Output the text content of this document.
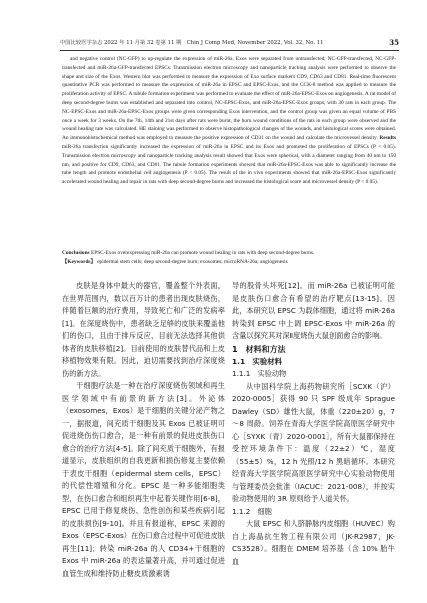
中国比较医学杂志 2022 年 11 月第 32 卷第 11 期　Chin J Comp Med, November 2022, Vol. 32, No. 11	35
and negative control (NC-GFP) to up-regulate the expression of miR-26a. Exos were separated from untransfected, NC-GFP-transfected, NC-GFP-transfected and miR-26a-GFP-transfected EPSCs. Transmission electron microscopy and nanoparticle tracking analysis were performed to observe the shape and size of the Exos. Western blot was performed to measure the expression of Exo surface markers CD9, CD63 and CD81. Real-time fluorescent quantitative PCR was performed to measure the expression of miR-26a in EPSC and EPSC-Exos, and the CCK-8 method was applied to measure the proliferation activity of EPSC. A tubule formation experiment was performed to evaluate the effect of miR-26a-EPSC-Exos on angiogenesis. A rat model of deep second-degree burns was established and separated into control, NC-EPSC-Exos, and miR-26a-EPSC-Exos groups, with 30 rats in each group. The NC-EPSC-Exos and miR-26a-EPSC-Exos groups were given corresponding Exos intervention, and the control group was given an equal volume of PBS once a week for 3 weeks. On the 7th, 14th and 21st days after rats were burnt, the burn wound conditions of the rats in each group were observed and the wound healing rate was calculated. HE staining was performed to observe histopathological changes of the wounds, and histological scores were obtained. An immunohistochemical method was employed to measure the positive expression of CD31 on the wound and calculate the microvessel density. Results miR-26a transfection significantly increased the expression of miR-26a in EPSC and its Exos and promoted the proliferation of EPSCs (P < 0.05). Transmission electron microscopy and nanoparticle tracking analysis result showed that Exos were spherical, with a diameter ranging from 40 nm to 150 nm, and positive for CD9, CD63, and CD81. The tubule formation experiments showed that miR-26a-EPSC-Exos was able to significantly increase the tube length and promote endothelial cell angiogenesis (P < 0.05). The result of the in vivo experiments showed that miR-26a-EPSC-Exos significantly accelerated wound healing and repair in rats with deep second-degree burns and increased the histological score and microvessel density (P < 0.05).
Conclusions EPSC-Exos overexpressing miR-26a can promote wound healing in rats with deep second-degree burns.
【Keywords】 epidermal stem cells; deep second-degree burn; exosomes; microRNA-26a; angiogenesis

皮肤是身体中最大的器官，覆盖整个外表面，在世界范围内，数以百万计的患者出现皮肤烧伤，伴随着巨额的治疗费用，导致死亡和广泛的发病率[1]。在深度烧伤中，患者缺乏足够的皮肤来覆盖他们的伤口，且由于排斥反应，目前无法选择其他供体者的皮肤移植[2]。目前使用的皮肤替代品和上皮移植物效果有限。因此，迫切需要找到治疗深度烧伤的新方法。

干细胞疗法是一种在治疗深度烧伤领域和再生医学领域中有前景的新方法[3]。外泌体（exosomes，Exos）是干细胞的关键分泌产物之一，据报道，间充质干细胞及其 Exos 已被证明可促进烧伤伤口愈合，是一种有前景的促进皮肤伤口愈合的治疗方法[4-5]。除了间充质干细胞外，有报道显示，皮肤组织的自我更新和损伤修复主要依赖于表皮干细胞（epidermal stem cells，EPSC）的代偿性增殖和分化。EPSC 是一种多能细胞类型，在伤口愈合和组织再生中起着关键作用[6-8]，EPSC 已用于修复烧伤、急性创伤和某些疾病引起的皮肤损伤[9-10]。并且有报道称，EPSC 来源的 Exos（EPSC-Exos）在伤口愈合过程中可促进皮肤再生[11]；转染 miR-26a 的人 CD34+干细胞的 Exos 中 miR-26a 的表达量著升高，并可通过促进血管生成和维持防止糖皮质激素诱

导的股骨头坏死[12]。而 miR-26a 已被证明可能是皮肤伤口愈合有希望的治疗靶点[13-15]。因此，本研究以 EPSC 为载体细胞，通过将 miR-26a 转染到 EPSC 中上调 EPSC-Exos 中 miR-26a 的含量以探究其对深Ⅱ度烧伤大鼠创面愈合的影响。

1　材料和方法
1.1　实验材料
1.1.1　实验动物

从中国科学院上海药物研究所［SCXK（沪）2020-0005］获得 90 只 SPF 级成年 Sprague Dawley（SD）雄性大鼠，体重（220±20）g，7～8 周龄。饲养在青海大学医学院高原医学研究中心［SYXK（青）2020-0001］，所有大鼠都保持在受控环境条件下：温度（22±2）℃，湿度（55±5）%，12 h 光照/12 h 黑暗循环。本研究经青海大学医学院高原医学研究中心实验动物使用与管理委员会批准（IACUC：2021-008），并按实验动物使用的 3R 原则给予人道关怀。

1.1.2　细胞

大鼠 EPSC 和人脐静脉内皮细胞（HUVEC）购自上海晶抗生物工程有限公司（JK-R2987，JK-CS3528）。细胞在 DMEM 培养基（含 10% 胎牛血
